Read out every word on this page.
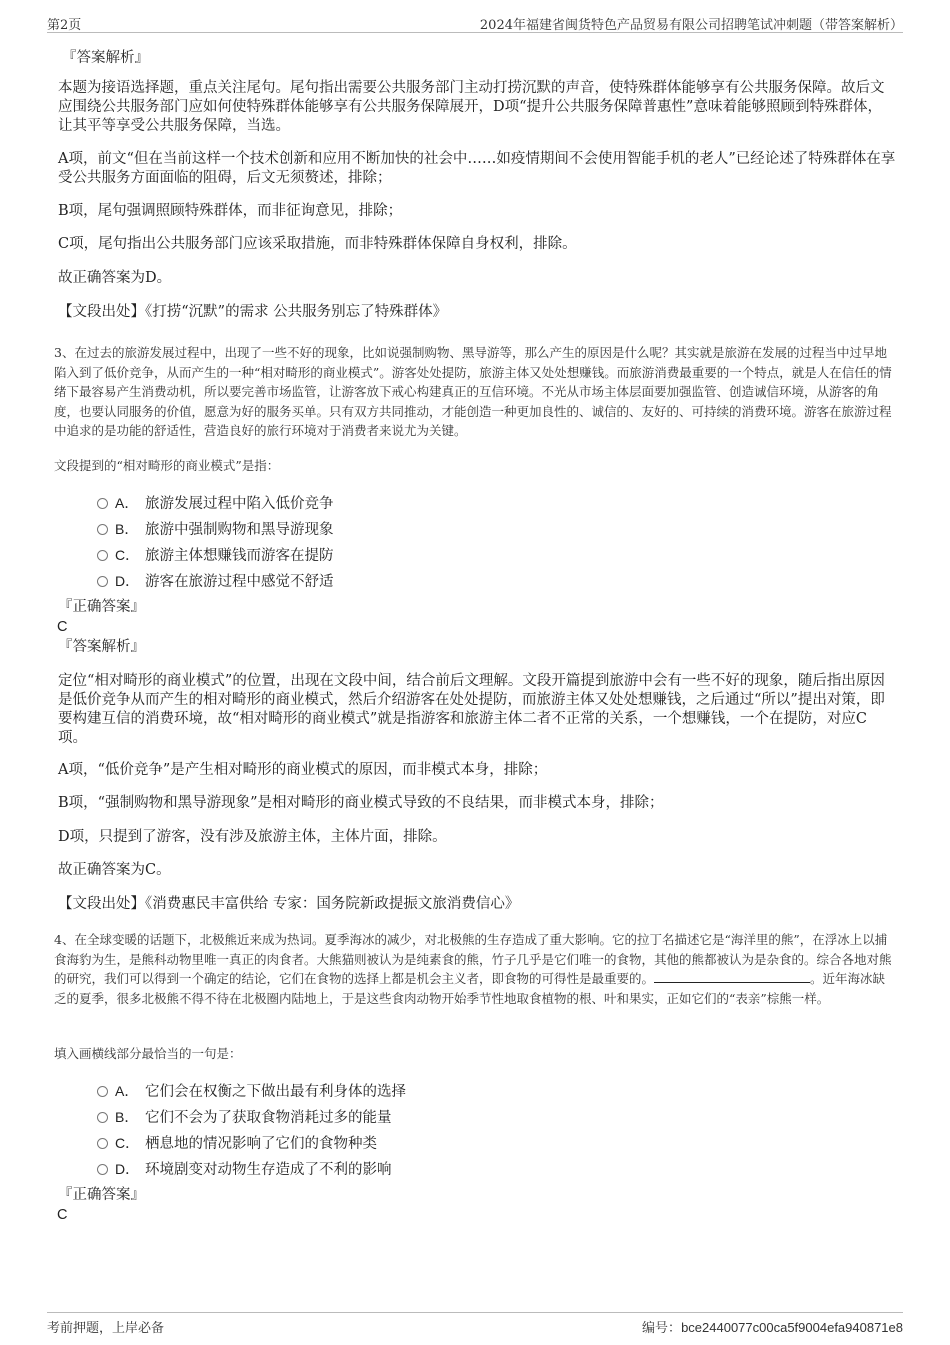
第2页	2024年福建省闽货特色产品贸易有限公司招聘笔试冲刺题（带答案解析）
『答案解析』
本题为接语选择题，重点关注尾句。尾句指出需要公共服务部门主动打捞沉默的声音，使特殊群体能够享有公共服务保障。故后文应围绕公共服务部门应如何使特殊群体能够享有公共服务保障展开，D项“提升公共服务保障普惠性”意味着能够照顾到特殊群体，让其平等享受公共服务保障，当选。
A项，前文“但在当前这样一个技术创新和应用不断加快的社会中……如疫情期间不会使用智能手机的老人”已经论述了特殊群体在享受公共服务方面面临的阻碍，后文无须赘述，排除；
B项，尾句强调照顾特殊群体，而非征询意见，排除；
C项，尾句指出公共服务部门应该采取措施，而非特殊群体保障自身权利，排除。
故正确答案为D。
【文段出处】《打捞“沉默”的需求 公共服务别忘了特殊群体》
3、在过去的旅游发展过程中，出现了一些不好的现象，比如说强制购物、黑导游等，那么产生的原因是什么呢？其实就是旅游在发展的过程当中过早地陷入到了低价竞争，从而产生的一种“相对畸形的商业模式”。游客处处提防，旅游主体又处处想赚钱。而旅游消费最重要的一个特点，就是人在信任的情绪下最容易产生消费动机，所以要完善市场监管，让游客放下戒心构建真正的互信环境。不光从市场主体层面要加强监管、创造诚信环境，从游客的角度，也要认同服务的价值，愿意为好的服务买单。只有双方共同推动，才能创造一种更加良性的、诚信的、友好的、可持续的消费环境。游客在旅游过程中追求的是功能的舒适性，营造良好的旅行环境对于消费者来说尤为关键。
文段提到的“相对畸形的商业模式”是指：
A． 旅游发展过程中陷入低价竞争
B． 旅游中强制购物和黑导游现象
C． 旅游主体想赚钱而游客在提防
D． 游客在旅游过程中感觉不舒适
『正确答案』
C
『答案解析』
定位“相对畸形的商业模式”的位置，出现在文段中间，结合前后文理解。文段开篇提到旅游中会有一些不好的现象，随后指出原因是低价竞争从而产生的相对畸形的商业模式，然后介绍游客在处处提防，而旅游主体又处处想赚钱，之后通过“所以”提出对策，即要构建互信的消费环境，故“相对畸形的商业模式”就是指游客和旅游主体二者不正常的关系，一个想赚钱，一个在提防，对应C项。
A项，“低价竞争”是产生相对畸形的商业模式的原因，而非模式本身，排除；
B项，“强制购物和黑导游现象”是相对畸形的商业模式导致的不良结果，而非模式本身，排除；
D项，只提到了游客，没有涉及旅游主体，主体片面，排除。
故正确答案为C。
【文段出处】《消费惠民丰富供给 专家：国务院新政提振文旅消费信心》
4、在全球变暖的话题下，北极熊近来成为热词。夏季海冰的减少，对北极熊的生存造成了重大影响。它的拉丁名描述它是“海洋里的熊”，在浮冰上以捕食海豹为生，是熊科动物里唯一真正的肉食者。大熊猫则被认为是纯素食的熊，竹子几乎是它们唯一的食物，其他的熊都被认为是杂食的。综合各地对熊的研究，我们可以得到一个确定的结论，它们在食物的选择上都是机会主义者，即食物的可得性是最重要的。	。近年海冰缺乏的夏季，很多北极熊不得不待在北极圈内陆地上，于是这些食肉动物开始季节性地取食植物的根、叶和果实，正如它们的“表亲”棕熊一样。
填入画横线部分最恰当的一句是：
A． 它们会在权衡之下做出最有利身体的选择
B． 它们不会为了获取食物消耗过多的能量
C． 栖息地的情况影响了它们的食物种类
D． 环境剧变对动物生存造成了不利的影响
『正确答案』
C
考前押题，上岸必备	编号：bce2440077c00ca5f9004efa940871e8
